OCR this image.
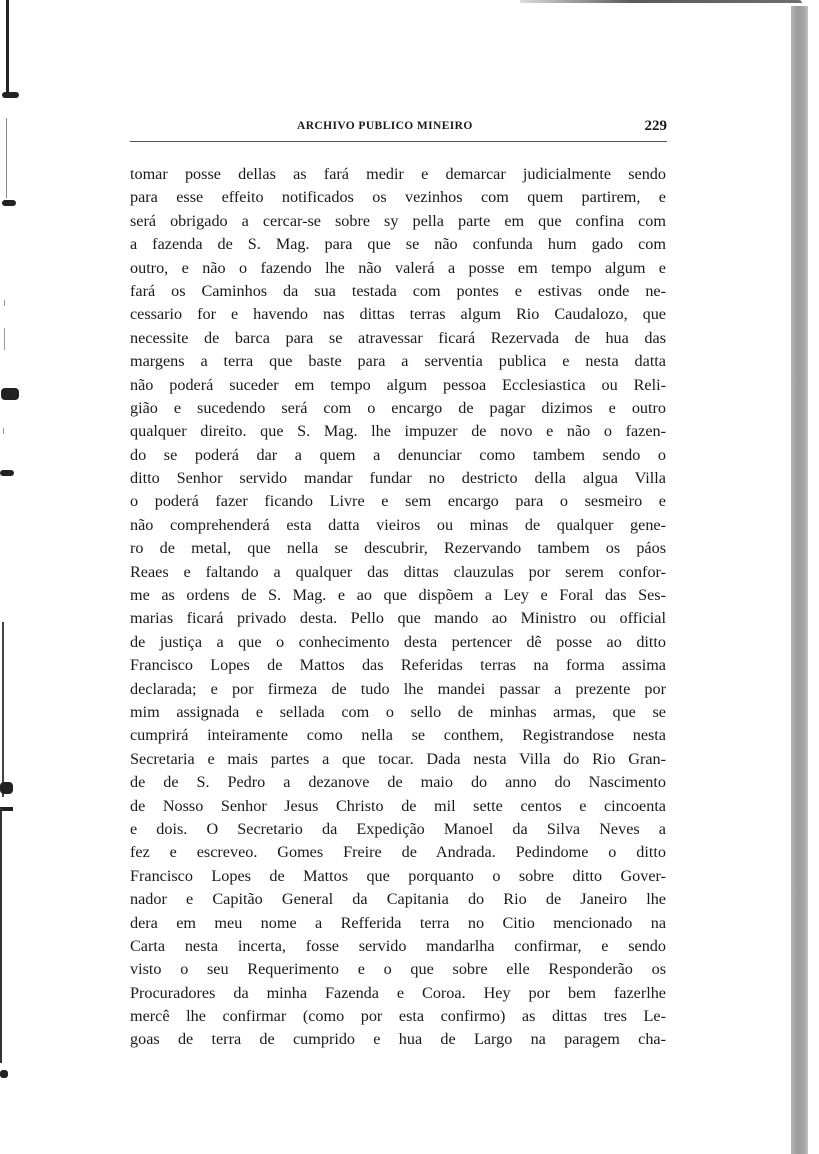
ARCHIVO PUBLICO MINEIRO	229
tomar posse dellas as fará medir e demarcar judicialmente sendo
para esse effeito notificados os vezinhos com quem partirem, e
será obrigado a cercar-se sobre sy pella parte em que confina com
a fazenda de S. Mag. para que se não confunda hum gado com
outro, e não o fazendo lhe não valerá a posse em tempo algum e
fará os Caminhos da sua testada com pontes e estivas onde ne-
cessario for e havendo nas dittas terras algum Rio Caudalozo, que
necessite de barca para se atravessar ficará Rezervada de hua das
margens a terra que baste para a serventia publica e nesta datta
não poderá suceder em tempo algum pessoa Ecclesiastica ou Reli-
gião e sucedendo será com o encargo de pagar dizimos e outro
qualquer direito. que S. Mag. lhe impuzer de novo e não o fazen-
do se poderá dar a quem a denunciar como tambem sendo o
ditto Senhor servido mandar fundar no destricto della algua Villa
o poderá fazer ficando Livre e sem encargo para o sesmeiro e
não comprehenderá esta datta vieiros ou minas de qualquer gene-
ro de metal, que nella se descubrir, Rezervando tambem os páos
Reaes e faltando a qualquer das dittas clauzulas por serem confor-
me as ordens de S. Mag. e ao que dispõem a Ley e Foral das Ses-
marias ficará privado desta. Pello que mando ao Ministro ou official
de justiça a que o conhecimento desta pertencer dê posse ao ditto
Francisco Lopes de Mattos das Referidas terras na forma assima
declarada; e por firmeza de tudo lhe mandei passar a prezente por
mim assignada e sellada com o sello de minhas armas, que se
cumprirá inteiramente como nella se conthem, Registrandose nesta
Secretaria e mais partes a que tocar. Dada nesta Villa do Rio Gran-
de de S. Pedro a dezanove de maio do anno do Nascimento
de Nosso Senhor Jesus Christo de mil sette centos e cincoenta
e dois. O Secretario da Expedição Manoel da Silva Neves a
fez e escreveo. Gomes Freire de Andrada. Pedindome o ditto
Francisco Lopes de Mattos que porquanto o sobre ditto Gover-
nador e Capitão General da Capitania do Rio de Janeiro lhe
dera em meu nome a Refferida terra no Citio mencionado na
Carta nesta incerta, fosse servido mandarlha confirmar, e sendo
visto o seu Requerimento e o que sobre elle Responderão os
Procuradores da minha Fazenda e Coroa. Hey por bem fazerlhe
mercê lhe confirmar (como por esta confirmo) as dittas tres Le-
goas de terra de cumprido e hua de Largo na paragem cha-
